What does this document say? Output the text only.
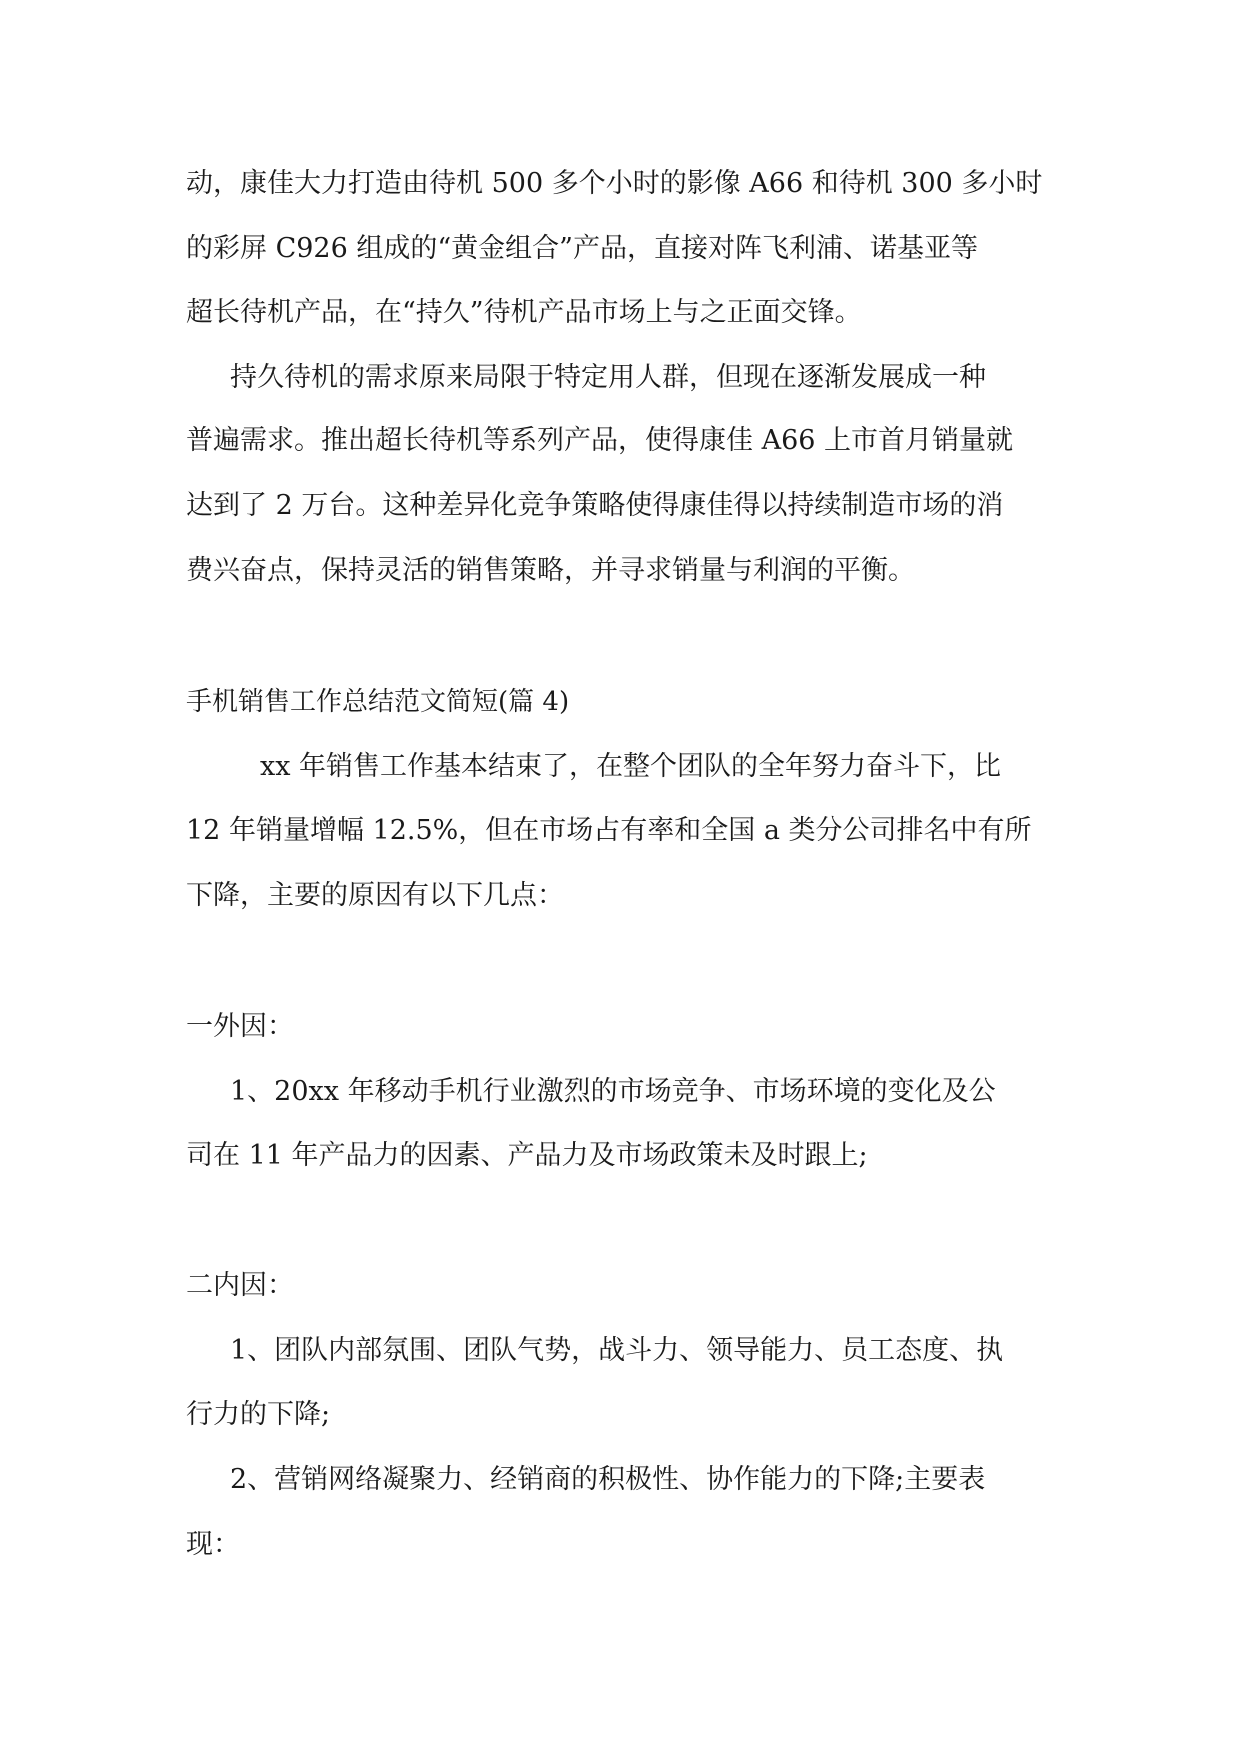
动，康佳大力打造由待机 500 多个小时的影像 A66 和待机 300 多小时
的彩屏 C926 组成的“黄金组合”产品，直接对阵飞利浦、诺基亚等
超长待机产品，在“持久”待机产品市场上与之正面交锋。
持久待机的需求原来局限于特定用人群，但现在逐渐发展成一种
普遍需求。推出超长待机等系列产品，使得康佳 A66 上市首月销量就
达到了 2 万台。这种差异化竞争策略使得康佳得以持续制造市场的消
费兴奋点，保持灵活的销售策略，并寻求销量与利润的平衡。
手机销售工作总结范文简短(篇 4)
xx 年销售工作基本结束了，在整个团队的全年努力奋斗下，比
12 年销量增幅 12.5%，但在市场占有率和全国 a 类分公司排名中有所
下降，主要的原因有以下几点：
一外因：
1、20xx 年移动手机行业激烈的市场竞争、市场环境的变化及公
司在 11 年产品力的因素、产品力及市场政策未及时跟上;
二内因：
1、团队内部氛围、团队气势，战斗力、领导能力、员工态度、执
行力的下降;
2、营销网络凝聚力、经销商的积极性、协作能力的下降;主要表
现：
